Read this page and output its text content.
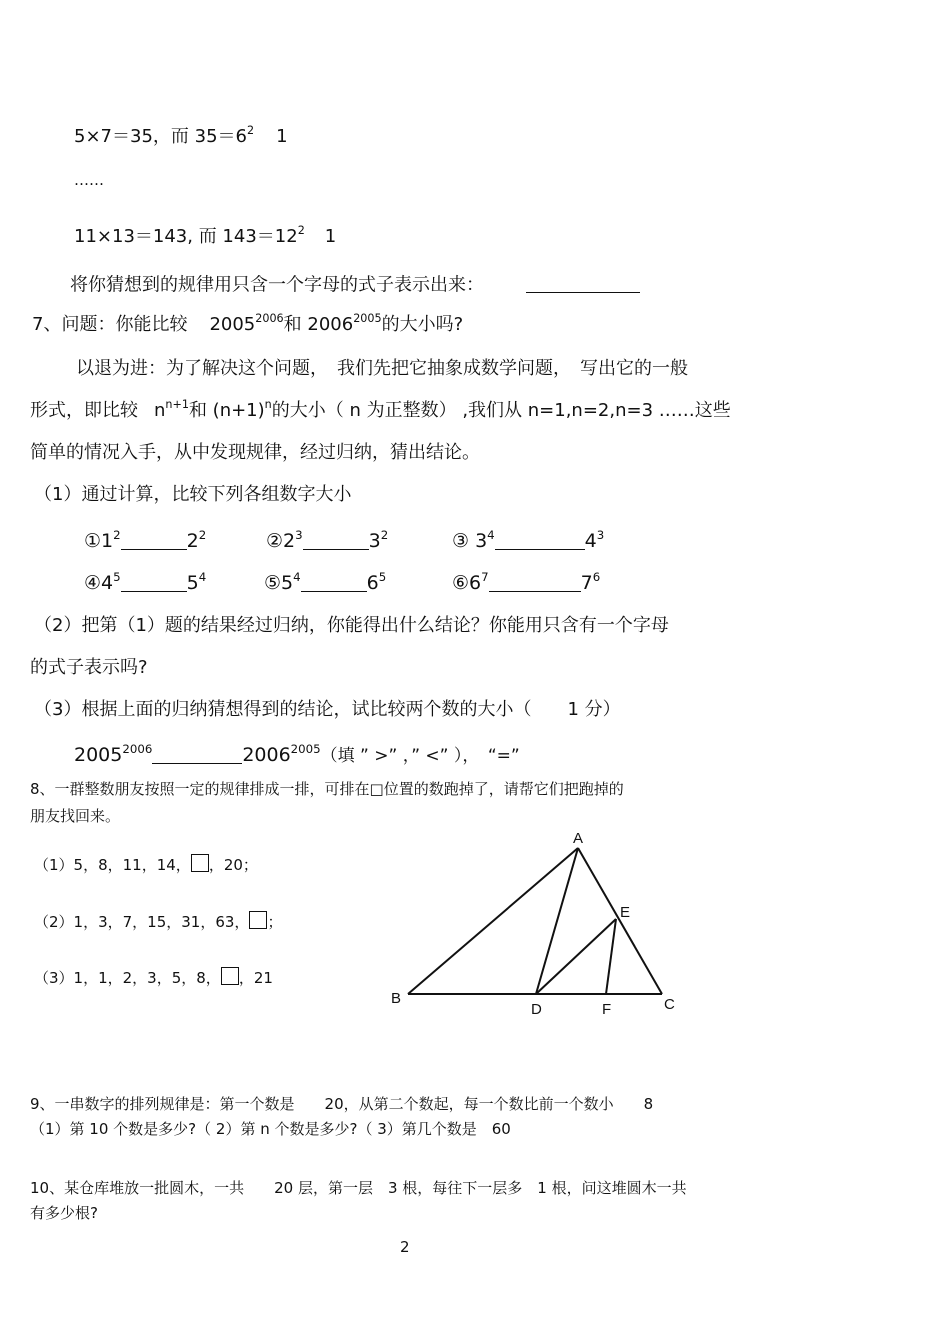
5×7＝35，而 $35=6^2$ 1
……
11×13＝143, 而 $143=12^2$ 1
将你猜想到的规律用只含一个字母的式子表示出来：
7、问题：你能比较 $2005^{2006}$和 $2006^{2005}$的大小吗?
以退为进：为了解决这个问题，　我们先把它抽象成数学问题，　写出它的一般
形式，即比较 $n^{n+1}$和 $(n+1)^n$的大小（ n 为正整数） ,我们从 n=1,n=2,n=3 ……这些
简单的情况入手，从中发现规律，经过归纳，猜出结论。
（1）通过计算，比较下列各组数字大小
$①1^2$	$2^2$	$②2^3$	$3^2$	③ $3^4$	$4^3$
$④4^5$	$5^4$	$⑤5^4$	$6^5$	$⑥6^7$	$7^6$
（2）把第（1）题的结果经过归纳，你能得出什么结论？你能用只含有一个字母
的式子表示吗?
（3）根据上面的归纳猜想得到的结论，试比较两个数的大小（　　1 分）
$2005^{2006}$	$2006^{2005}$（填 ” >” ，” <” ），　“=”
8、一群整数朋友按照一定的规律排成一排，可排在□位置的数跑掉了，请帮它们把跑掉的
朋友找回来。
（1）5，8，11，14， ，20；
（2）1，3，7，15，31，63， ；
（3）1，1，2，3，5，8， ，21
A
B	C
D
E
F
9、一串数字的排列规律是：第一个数是　　20，从第二个数起，每一个数比前一个数小　　8
（1）第 10 个数是多少?（ 2）第 n 个数是多少?（ 3）第几个数是　60
10、某仓库堆放一批圆木，一共　　20 层，第一层　3 根，每往下一层多　1 根，问这堆圆木一共
有多少根?
2
